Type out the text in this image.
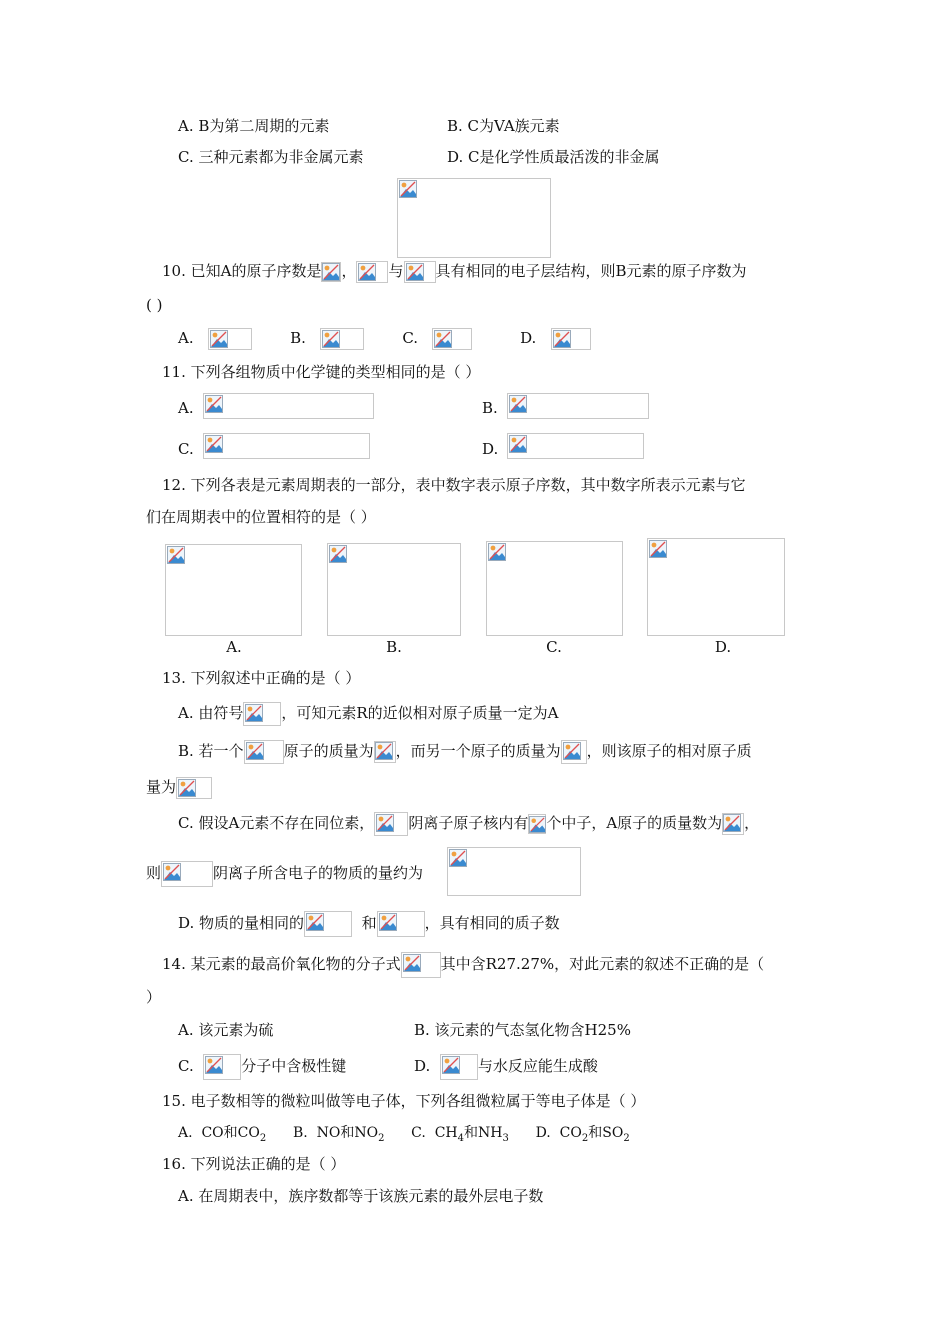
A. B为第二周期的元素	B. C为VA族元素
C. 三种元素都为非金属元素	D. C是化学性质最活泼的非金属
10. 已知A的原子序数是 ， 与 具有相同的电子层结构，则B元素的原子序数为
( )
A.	B.	C.	D.
11. 下列各组物质中化学键的类型相同的是（ ）
A.	B.
C.	D.
12. 下列各表是元素周期表的一部分，表中数字表示原子序数，其中数字所表示元素与它
们在周期表中的位置相符的是（ ）
A.	B.	C.	D.
13. 下列叙述中正确的是（ ）
A. 由符号	，可知元素R的近似相对原子质量一定为A
B. 若一个	原子的质量为 ，而另一个原子的质量为 ，则该原子的相对原子质
量为
C. 假设A元素不存在同位素， 阴离子原子核内有 个中子，A原子的质量数为 ，
则	阴离子所含电子的物质的量约为
D. 物质的量相同的	和	，具有相同的质子数
14. 某元素的最高价氧化物的分子式	其中含R27.27%，对此元素的叙述不正确的是（
）
A. 该元素为硫	B. 该元素的气态氢化物含H25%
C.	分子中含极性键	D.	与水反应能生成酸
15. 电子数相等的微粒叫做等电子体，下列各组微粒属于等电子体是（ ）
A. CO和$CO_2$ B. NO和$NO_2$ C. $CH_4$和$NH_3$ D. $CO_2$和$SO_2$
16. 下列说法正确的是（ ）
A. 在周期表中，族序数都等于该族元素的最外层电子数
